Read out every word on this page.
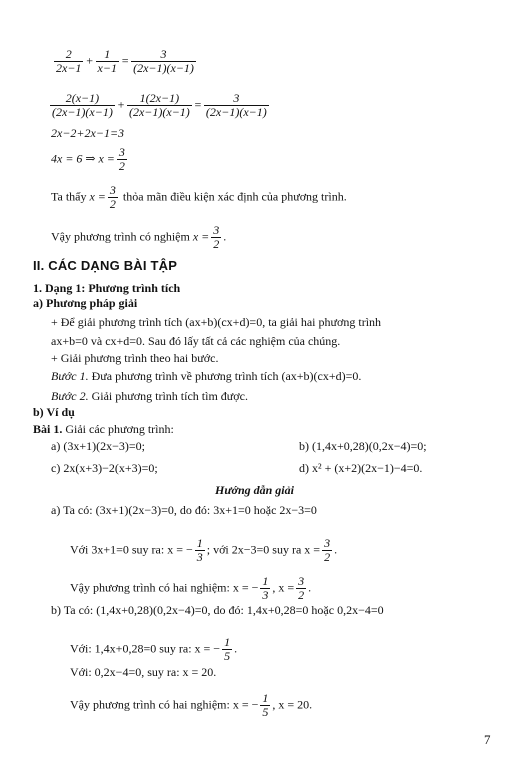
$\frac{2}{2x-1} + \frac{1}{x-1} = \frac{3}{(2x-1)(x-1)}$
$\frac{2(x-1)}{(2x-1)(x-1)} + \frac{1(2x-1)}{(2x-1)(x-1)} = \frac{3}{(2x-1)(x-1)}$
2x−2+2x−1=3
4x = 6 ⇒ $x = \frac{3}{2}$
Ta thấy $x = \frac{3}{2}$ thỏa mãn điều kiện xác định của phương trình.
Vậy phương trình có nghiệm $x = \frac{3}{2}$ .
II. CÁC DẠNG BÀI TẬP
1. Dạng 1: Phương trình tích
a) Phương pháp giải
+ Để giải phương trình tích (ax+b)(cx+d)=0, ta giải hai phương trình
ax+b=0 và cx+d=0. Sau đó lấy tất cả các nghiệm của chúng.
+ Giải phương trình theo hai bước.
Bước 1. Đưa phương trình về phương trình tích (ax+b)(cx+d)=0.
Bước 2. Giải phương trình tích tìm được.
b) Ví dụ
Bài 1. Giải các phương trình:
a) (3x+1)(2x−3)=0;	b) (1,4x+0,28)(0,2x−4)=0;
c) 2x(x+3)−2(x+3)=0;	d) x² + (x+2)(2x−1)−4=0.
Hướng dẫn giải
a) Ta có: (3x+1)(2x−3)=0, do đó: 3x+1=0 hoặc 2x−3=0
Với 3x+1=0 suy ra: x = − $\frac{1}{3}$ ; với 2x−3=0 suy ra $x = \frac{3}{2}$ .
Vậy phương trình có hai nghiệm: x = − $\frac{1}{3}$ , $x = \frac{3}{2}$ .
b) Ta có: (1,4x+0,28)(0,2x−4)=0, do đó: 1,4x+0,28=0 hoặc 0,2x−4=0
Với: 1,4x+0,28=0 suy ra: x = − $\frac{1}{5}$ .
Với: 0,2x−4=0, suy ra: x = 20.
Vậy phương trình có hai nghiệm: x = − $\frac{1}{5}$ , x = 20.
7
